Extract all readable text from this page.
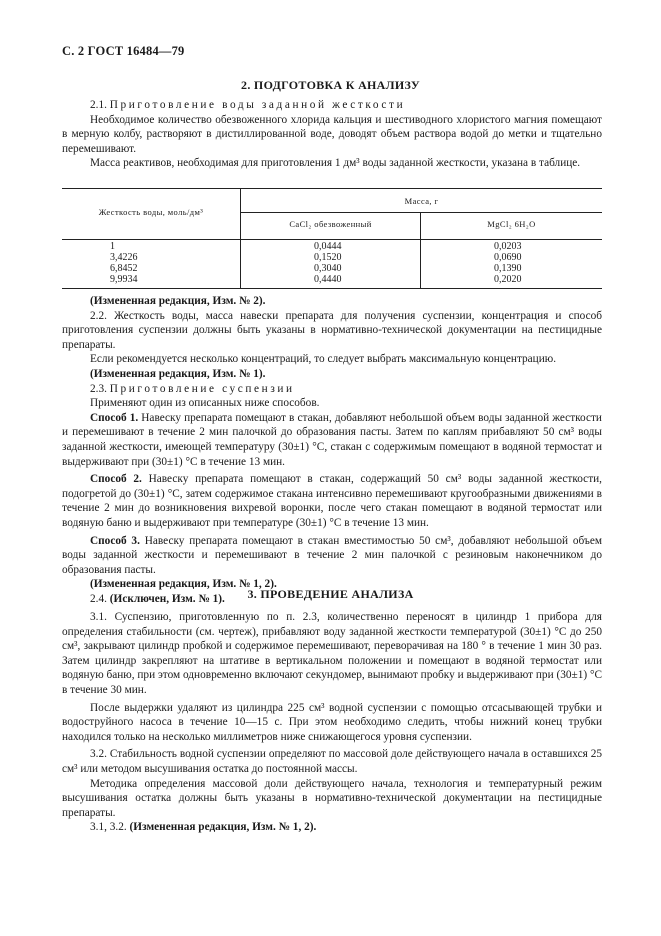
С. 2 ГОСТ 16484—79
2. ПОДГОТОВКА К АНАЛИЗУ

2.1. Приготовление воды заданной жесткости

Необходимое количество обезвоженного хлорида кальция и шестиводного хлористого магния помещают в мерную колбу, растворяют в дистиллированной воде, доводят объем раствора водой до метки и тщательно перемешивают.

Масса реактивов, необходимая для приготовления 1 дм³ воды заданной жесткости, указана в таблице.

Жесткость воды, моль/дм³
Масса, г
CaCl₂ обезвоженный	MgCl₂ 6H₂O
1	0,0444	0,0203
3,4226	0,1520	0,0690
6,8452	0,3040	0,1390
9,9934	0,4440	0,2020

(Измененная редакция, Изм. № 2).

2.2. Жесткость воды, масса навески препарата для получения суспензии, концентрация и способ приготовления суспензии должны быть указаны в нормативно-технической документации на пестицидные препараты.

Если рекомендуется несколько концентраций, то следует выбрать максимальную концентрацию.

(Измененная редакция, Изм. № 1).

2.3. Приготовление суспензии

Применяют один из описанных ниже способов.

Способ 1. Навеску препарата помещают в стакан, добавляют небольшой объем воды заданной жесткости и перемешивают в течение 2 мин палочкой до образования пасты. Затем по каплям прибавляют 50 см³ воды заданной жесткости, имеющей температуру (30±1) °С, стакан с содержимым помещают в водяной термостат и выдерживают при (30±1) °С в течение 13 мин.

Способ 2. Навеску препарата помещают в стакан, содержащий 50 см³ воды заданной жесткости, подогретой до (30±1) °С, затем содержимое стакана интенсивно перемешивают кругообразными движениями в течение 2 мин до возникновения вихревой воронки, после чего стакан помещают в водяной термостат или водяную баню и выдерживают при температуре (30±1) °С в течение 13 мин.

Способ 3. Навеску препарата помещают в стакан вместимостью 50 см³, добавляют небольшой объем воды заданной жесткости и перемешивают в течение 2 мин палочкой с резиновым наконечником до образования пасты.

(Измененная редакция, Изм. № 1, 2).

2.4. (Исключен, Изм. № 1).	3. ПРОВЕДЕНИЕ АНАЛИЗА

3.1. Суспензию, приготовленную по п. 2.3, количественно переносят в цилиндр 1 прибора для определения стабильности (см. чертеж), прибавляют воду заданной жесткости температурой (30±1) °С до 250 см³, закрывают цилиндр пробкой и содержимое перемешивают, переворачивая на 180 ° в течение 1 мин 30 раз. Затем цилиндр закрепляют на штативе в вертикальном положении и помещают в водяной термостат или водяную баню, при этом одновременно включают секундомер, вынимают пробку и выдерживают при (30±1) °С в течение 30 мин.

После выдержки удаляют из цилиндра 225 см³ водной суспензии с помощью отсасывающей трубки и водоструйного насоса в течение 10—15 с. При этом необходимо следить, чтобы нижний конец трубки находился только на несколько миллиметров ниже снижающегося уровня суспензии.

3.2. Стабильность водной суспензии определяют по массовой доле действующего начала в оставшихся 25 см³ или методом высушивания остатка до постоянной массы.

Методика определения массовой доли действующего начала, технология и температурный режим высушивания остатка должны быть указаны в нормативно-технической документации на пестицидные препараты.

3.1, 3.2. (Измененная редакция, Изм. № 1, 2).
